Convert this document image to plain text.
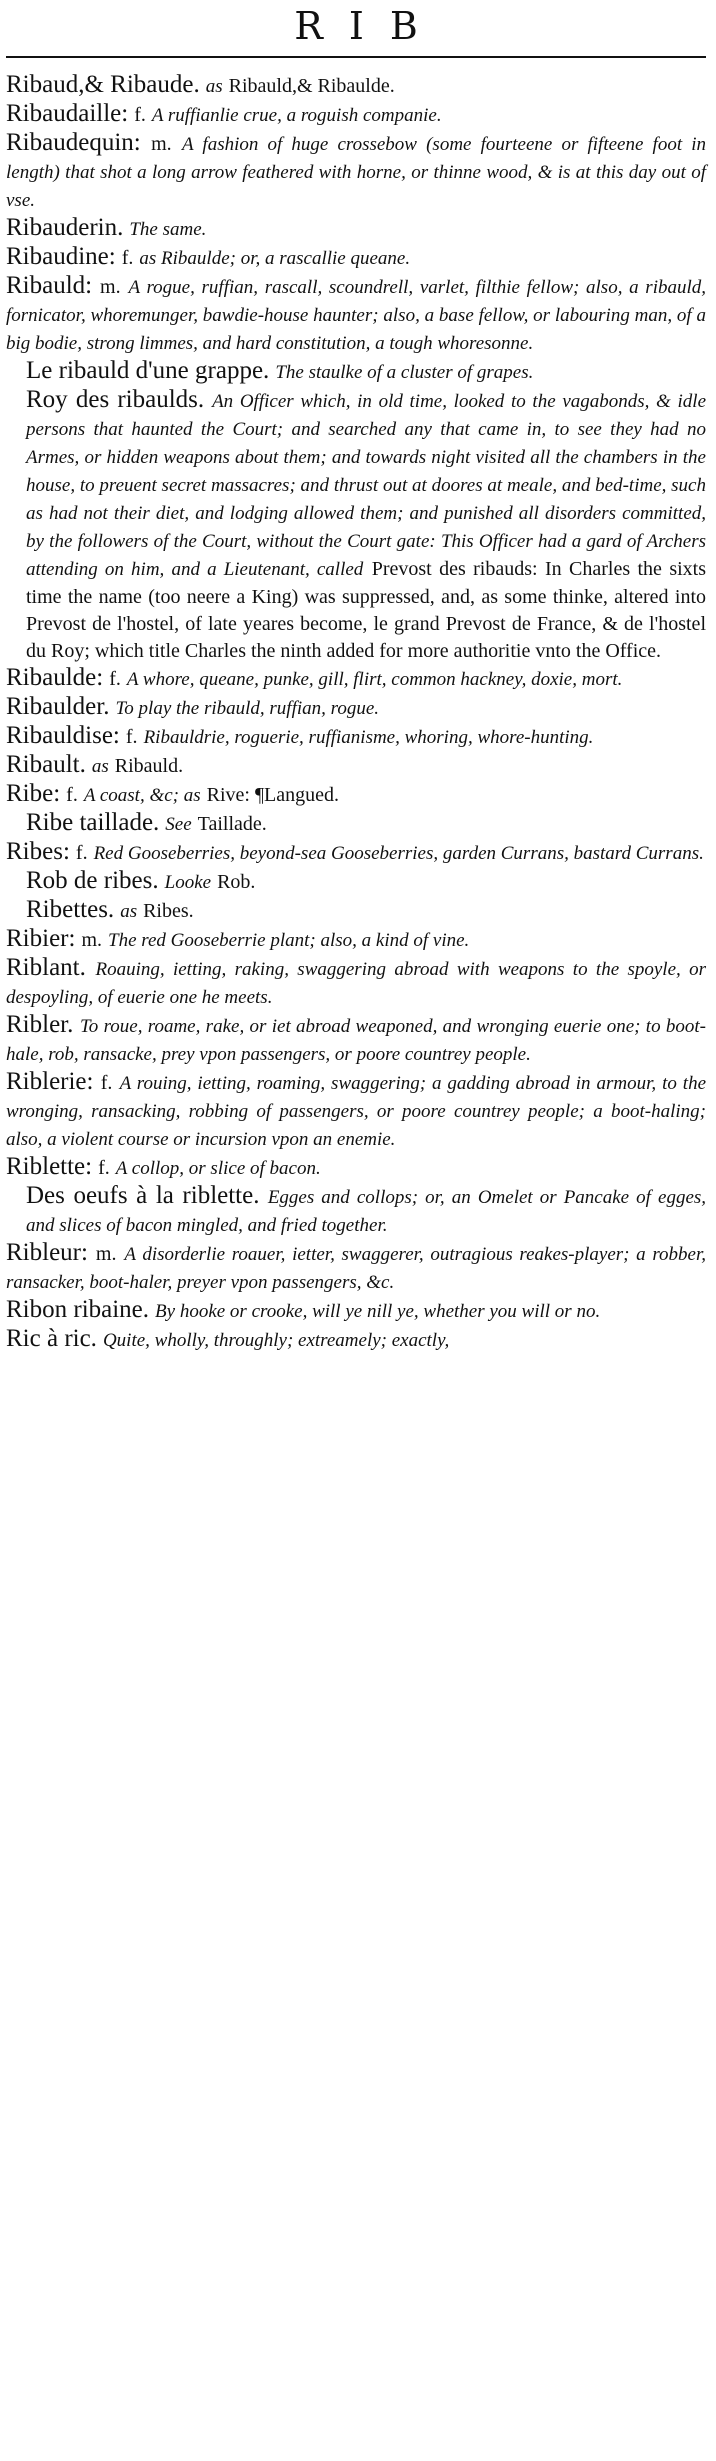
RIB

Ribaud,& Ribaude. as Ribauld,& Ribaulde.

Ribaudaille: f. A ruffianlie crue, a roguish companie.

Ribaudequin: m. A fashion of huge crossebow (some fourteene or fifteene foot in length) that shot a long arrow feathered with horne, or thinne wood, & is at this day out of vse.

Ribauderin. The same.

Ribaudine: f. as Ribaulde; or, a rascallie queane.

Ribauld: m. A rogue, ruffian, rascall, scoundrell, varlet, filthie fellow; also, a ribauld, fornicator, whoremunger, bawdie-house haunter; also, a base fellow, or labouring man, of a big bodie, strong limmes, and hard constitution, a tough whoresonne.

Le ribauld d'une grappe. The staulke of a cluster of grapes.

Roy des ribaulds. An Officer which, in old time, looked to the vagabonds, & idle persons that haunted the Court; and searched any that came in, to see they had no Armes, or hidden weapons about them; and towards night visited all the chambers in the house, to preuent secret massacres; and thrust out at doores at meale, and bed-time, such as had not their diet, and lodging allowed them; and punished all disorders committed, by the followers of the Court, without the Court gate: This Officer had a gard of Archers attending on him, and a Lieutenant, called Prevost des ribauds: In Charles the sixts time the name (too neere a King) was suppressed, and, as some thinke, altered into Prevost de l'hostel, of late yeares become, le grand Prevost de France, & de l'hostel du Roy; which title Charles the ninth added for more authoritie vnto the Office.

Ribaulde: f. A whore, queane, punke, gill, flirt, common hackney, doxie, mort.

Ribaulder. To play the ribauld, ruffian, rogue.

Ribauldise: f. Ribauldrie, roguerie, ruffianisme, whoring, whore-hunting.

Ribault. as Ribauld.

Ribe: f. A coast, &c; as Rive: ¶Langued.

Ribe taillade. See Taillade.

Ribes: f. Red Gooseberries, beyond-sea Gooseberries, garden Currans, bastard Currans.

Rob de ribes. Looke Rob.

Ribettes. as Ribes.

Ribier: m. The red Gooseberrie plant; also, a kind of vine.

Riblant. Roauing, ietting, raking, swaggering abroad with weapons to the spoyle, or despoyling, of euerie one he meets.

Ribler. To roue, roame, rake, or iet abroad weaponed, and wronging euerie one; to boot-hale, rob, ransacke, prey vpon passengers, or poore countrey people.

Riblerie: f. A rouing, ietting, roaming, swaggering; a gadding abroad in armour, to the wronging, ransacking, robbing of passengers, or poore countrey people; a boot-haling; also, a violent course or incursion vpon an enemie.

Riblette: f. A collop, or slice of bacon.

Des oeufs à la riblette. Egges and collops; or, an Omelet or Pancake of egges, and slices of bacon mingled, and fried together.

Ribleur: m. A disorderlie roauer, ietter, swaggerer, outragious reakes-player; a robber, ransacker, boot-haler, preyer vpon passengers, &c.

Ribon ribaine. By hooke or crooke, will ye nill ye, whether you will or no.

Ric à ric. Quite, wholly, throughly; extreamely; exactly,
